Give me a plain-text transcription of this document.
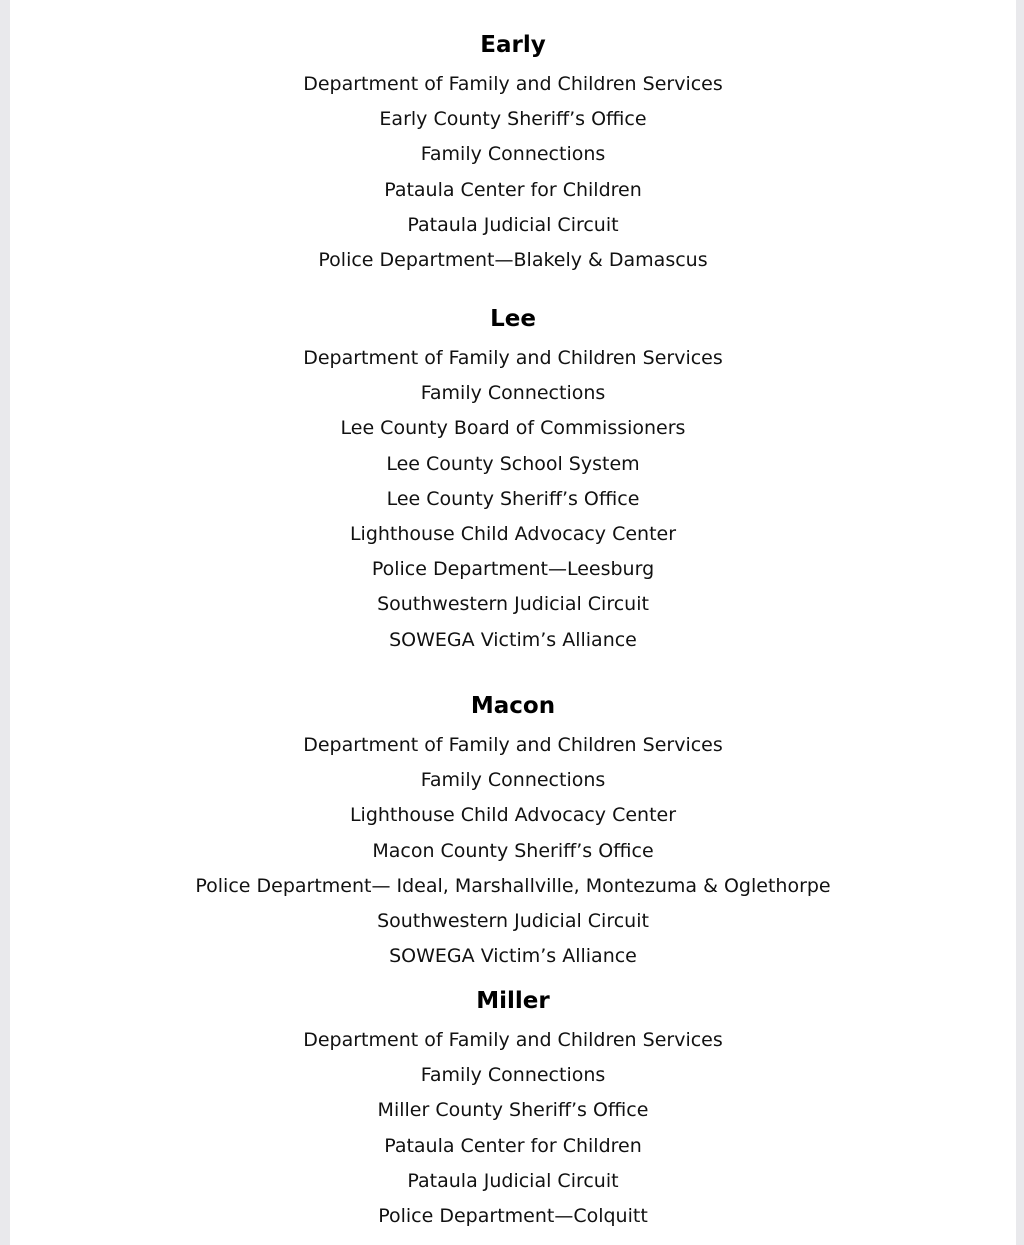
Early
Department of Family and Children Services
Early County Sheriff’s Office
Family Connections
Pataula Center for Children
Pataula Judicial Circuit
Police Department—Blakely & Damascus
Lee
Department of Family and Children Services
Family Connections
Lee County Board of Commissioners
Lee County School System
Lee County Sheriff’s Office
Lighthouse Child Advocacy Center
Police Department—Leesburg
Southwestern Judicial Circuit
SOWEGA Victim’s Alliance
Macon
Department of Family and Children Services
Family Connections
Lighthouse Child Advocacy Center
Macon County Sheriff’s Office
Police Department— Ideal, Marshallville, Montezuma & Oglethorpe
Southwestern Judicial Circuit
SOWEGA Victim’s Alliance
Miller
Department of Family and Children Services
Family Connections
Miller County Sheriff’s Office
Pataula Center for Children
Pataula Judicial Circuit
Police Department—Colquitt
